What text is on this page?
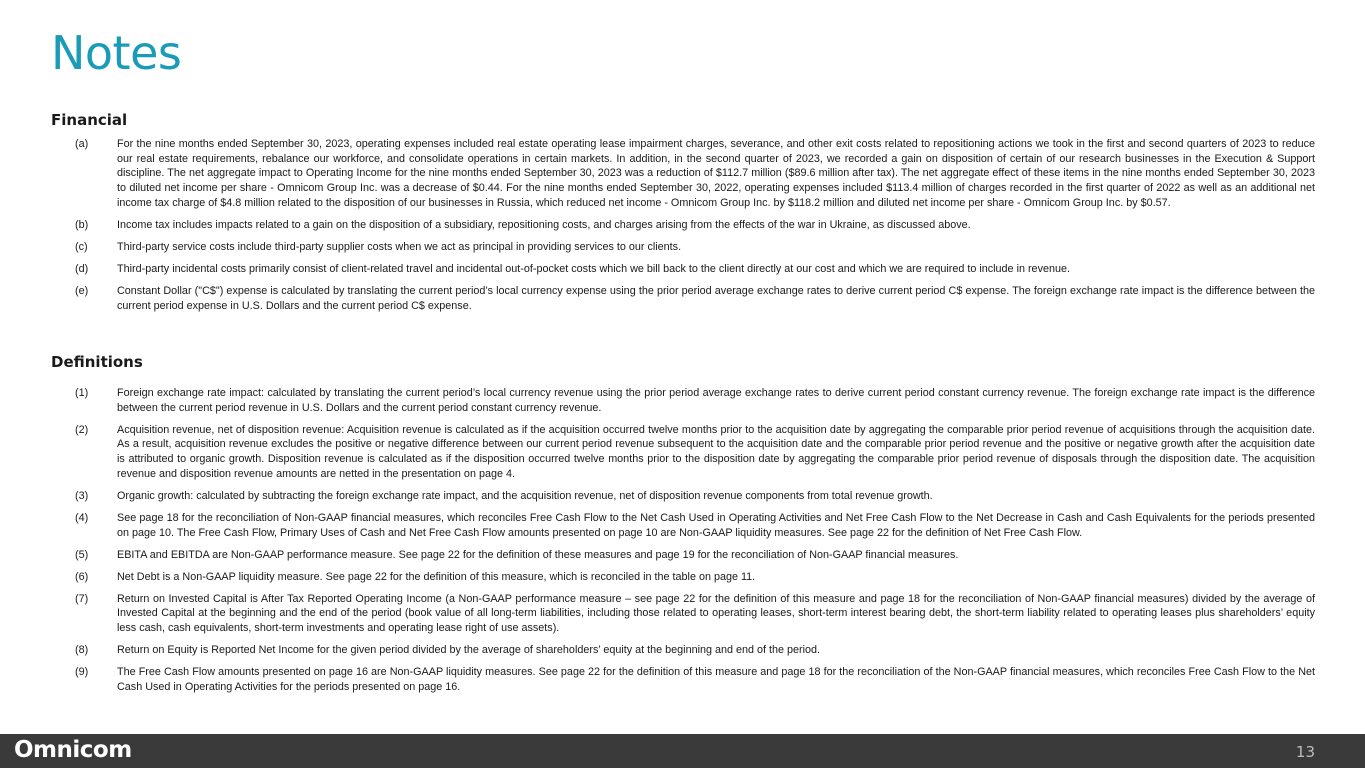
Notes
Financial
(a)	For the nine months ended September 30, 2023, operating expenses included real estate operating lease impairment charges, severance, and other exit costs related to repositioning actions we took in the first and second quarters of 2023 to reduce our real estate requirements, rebalance our workforce, and consolidate operations in certain markets. In addition, in the second quarter of 2023, we recorded a gain on disposition of certain of our research businesses in the Execution & Support discipline. The net aggregate impact to Operating Income for the nine months ended September 30, 2023 was a reduction of $112.7 million ($89.6 million after tax). The net aggregate effect of these items in the nine months ended September 30, 2023 to diluted net income per share - Omnicom Group Inc. was a decrease of $0.44. For the nine months ended September 30, 2022, operating expenses included $113.4 million of charges recorded in the first quarter of 2022 as well as an additional net income tax charge of $4.8 million related to the disposition of our businesses in Russia, which reduced net income - Omnicom Group Inc. by $118.2 million and diluted net income per share - Omnicom Group Inc. by $0.57.
(b)	Income tax includes impacts related to a gain on the disposition of a subsidiary, repositioning costs, and charges arising from the effects of the war in Ukraine, as discussed above.
(c)	Third-party service costs include third-party supplier costs when we act as principal in providing services to our clients.
(d)	Third-party incidental costs primarily consist of client-related travel and incidental out-of-pocket costs which we bill back to the client directly at our cost and which we are required to include in revenue.
(e)	Constant Dollar ("C$") expense is calculated by translating the current period’s local currency expense using the prior period average exchange rates to derive current period C$ expense. The foreign exchange rate impact is the difference between the current period expense in U.S. Dollars and the current period C$ expense.
Definitions
(1)	Foreign exchange rate impact: calculated by translating the current period’s local currency revenue using the prior period average exchange rates to derive current period constant currency revenue. The foreign exchange rate impact is the difference between the current period revenue in U.S. Dollars and the current period constant currency revenue.
(2)	Acquisition revenue, net of disposition revenue: Acquisition revenue is calculated as if the acquisition occurred twelve months prior to the acquisition date by aggregating the comparable prior period revenue of acquisitions through the acquisition date. As a result, acquisition revenue excludes the positive or negative difference between our current period revenue subsequent to the acquisition date and the comparable prior period revenue and the positive or negative growth after the acquisition date is attributed to organic growth. Disposition revenue is calculated as if the disposition occurred twelve months prior to the disposition date by aggregating the comparable prior period revenue of disposals through the disposition date. The acquisition revenue and disposition revenue amounts are netted in the presentation on page 4.
(3)	Organic growth: calculated by subtracting the foreign exchange rate impact, and the acquisition revenue, net of disposition revenue components from total revenue growth.
(4)	See page 18 for the reconciliation of Non-GAAP financial measures, which reconciles Free Cash Flow to the Net Cash Used in Operating Activities and Net Free Cash Flow to the Net Decrease in Cash and Cash Equivalents for the periods presented on page 10. The Free Cash Flow, Primary Uses of Cash and Net Free Cash Flow amounts presented on page 10 are Non-GAAP liquidity measures. See page 22 for the definition of Net Free Cash Flow.
(5)	EBITA and EBITDA are Non-GAAP performance measure. See page 22 for the definition of these measures and page 19 for the reconciliation of Non-GAAP financial measures.
(6)	Net Debt is a Non-GAAP liquidity measure. See page 22 for the definition of this measure, which is reconciled in the table on page 11.
(7)	Return on Invested Capital is After Tax Reported Operating Income (a Non-GAAP performance measure – see page 22 for the definition of this measure and page 18 for the reconciliation of Non-GAAP financial measures) divided by the average of Invested Capital at the beginning and the end of the period (book value of all long-term liabilities, including those related to operating leases, short-term interest bearing debt, the short-term liability related to operating leases plus shareholders’ equity less cash, cash equivalents, short-term investments and operating lease right of use assets).
(8)	Return on Equity is Reported Net Income for the given period divided by the average of shareholders’ equity at the beginning and end of the period.
(9)	The Free Cash Flow amounts presented on page 16 are Non-GAAP liquidity measures. See page 22 for the definition of this measure and page 18 for the reconciliation of the Non-GAAP financial measures, which reconciles Free Cash Flow to the Net Cash Used in Operating Activities for the periods presented on page 16.
Omnicom	13
